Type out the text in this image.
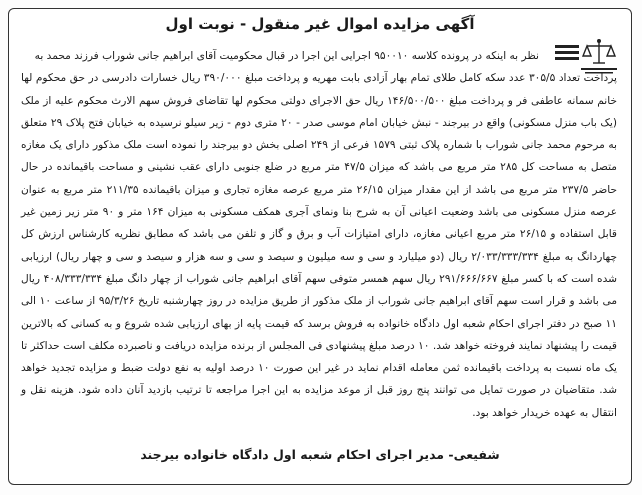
آگهی مزایده اموال غیر منقول - نوبت اول
نظر به اینکه در پرونده کلاسه ۹۵۰۰۱۰ اجرایی این اجرا در قبال محکومیت آقای ابراهیم جانی شوراب فرزند محمد به
پرداخت تعداد ۳۰۵/۵ عدد سکه کامل طلای تمام بهار آزادی بابت مهریه و پرداخت مبلغ ۳۹۰/۰۰۰ ریال خسارات دادرسی در حق محکوم لها خانم سمانه عاطفی فر و پرداخت مبلغ ۱۴۶/۵۰۰/۵۰۰ ریال حق الاجرای دولتی محکوم لها تقاضای فروش سهم الارث محکوم علیه از ملک (یک باب منزل مسکونی) واقع در بیرجند - نبش خیابان امام موسی صدر - ۲۰ متری دوم - زیر سیلو نرسیده به خیابان فتح پلاک ۲۹ متعلق به مرحوم محمد جانی شوراب با شماره پلاک ثبتی ۱۵۷۹ فرعی از ۲۴۹ اصلی بخش دو بیرجند را نموده است ملک مذکور دارای یک مغازه متصل به مساحت کل ۲۸۵ متر مربع می باشد که میزان ۴۷/۵ متر مربع در ضلع جنوبی دارای عقب نشینی و مساحت باقیمانده در حال حاضر ۲۳۷/۵ متر مربع می باشد از این مقدار میزان ۲۶/۱۵ متر مربع عرصه مغازه تجاری و میزان باقیمانده ۲۱۱/۳۵ متر مربع به عنوان عرصه منزل مسکونی می باشد وضعیت اعیانی آن به شرح بنا ونمای آجری همکف مسکونی به میزان ۱۶۴ متر و ۹۰ متر زیر زمین غیر قابل استفاده و ۲۶/۱۵ متر مربع اعیانی مغازه، دارای امتیازات آب و برق و گاز و تلفن می باشد که مطابق نظریه کارشناس ارزش کل چهاردانگ به مبلغ ۲/۰۳۳/۳۳۳/۳۳۴ ریال (دو میلیارد و سی و سه میلیون و سیصد و سی و سه هزار و سیصد و سی و چهار ریال) ارزیابی شده است که با کسر مبلغ ۲۹۱/۶۶۶/۶۶۷ ریال سهم همسر متوفی سهم آقای ابراهیم جانی شوراب از چهار دانگ مبلغ ۴۰۸/۳۳۳/۳۳۴ ریال می باشد و قرار است سهم آقای ابراهیم جانی شوراب از ملک مذکور از طریق مزایده در روز چهارشنبه تاریخ ۹۵/۳/۲۶ از ساعت ۱۰ الی ۱۱ صبح در دفتر اجرای احکام شعبه اول دادگاه خانواده به فروش برسد که قیمت پایه از بهای ارزیابی شده شروع و به کسانی که بالاترین قیمت را پیشنهاد نمایند فروخته خواهد شد. ۱۰ درصد مبلغ پیشنهادی فی المجلس از برنده مزایده دریافت و ناصبرده مکلف است حداکثر تا یک ماه نسبت به پرداخت باقیمانده ثمن معامله اقدام نماید در غیر این صورت ۱۰ درصد اولیه به نفع دولت ضبط و مزایده تجدید خواهد شد. متقاضیان در صورت تمایل می توانند پنج روز قبل از موعد مزایده به این اجرا مراجعه تا ترتیب بازدید آنان داده شود. هزینه نقل و انتقال به عهده خریدار خواهد بود.
شفیعی- مدیر اجرای احکام شعبه اول دادگاه خانواده بیرجند
